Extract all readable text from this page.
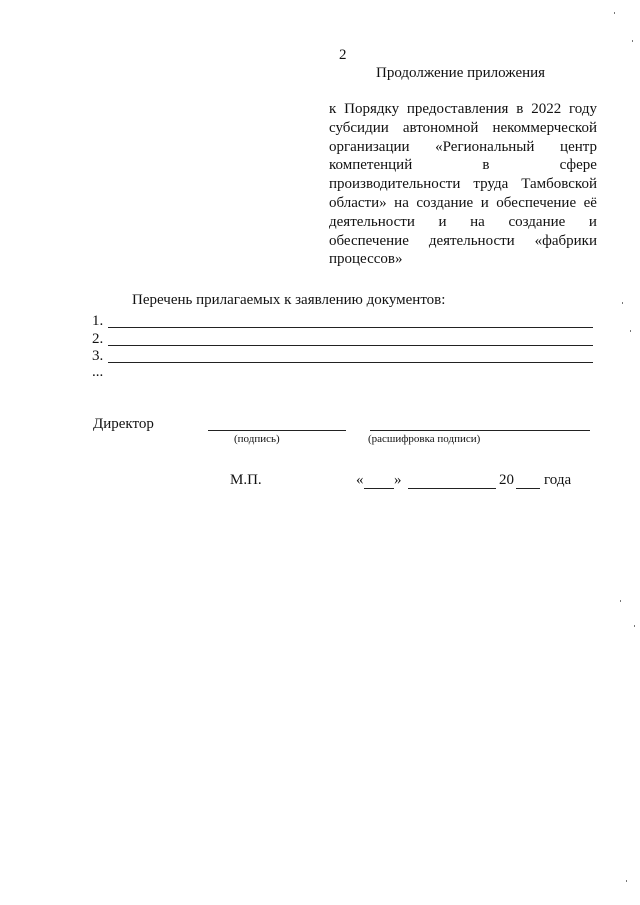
2
Продолжение приложения
к Порядку предоставления в 2022 году
субсидии автономной некоммерческой
организации «Региональный центр
компетенций	в	сфере
производительности труда Тамбовской
области» на создание и обеспечение её
деятельности и на создание и
обеспечение деятельности «фабрики
процессов»
Перечень прилагаемых к заявлению документов:
1.
2.
3.
...
Директор
(подпись)	(расшифровка подписи)
М.П.	« »	20 года
